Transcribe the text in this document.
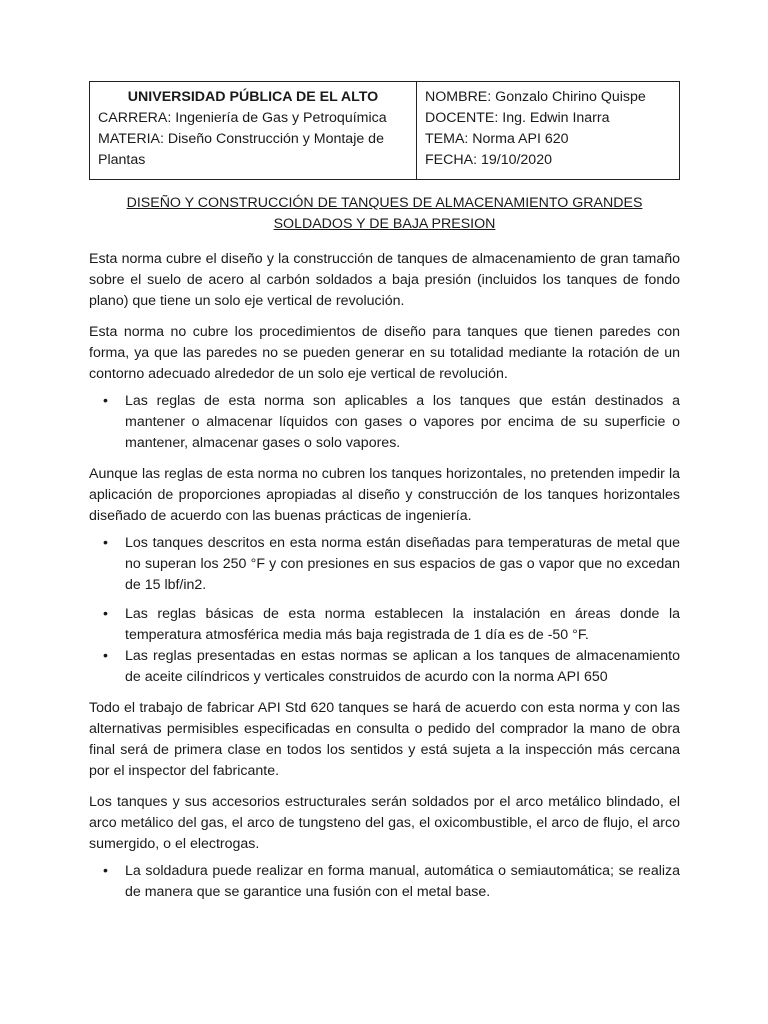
UNIVERSIDAD PÚBLICA DE EL ALTO
CARRERA: Ingeniería de Gas y Petroquímica
MATERIA: Diseño Construcción y Montaje de Plantas

NOMBRE: Gonzalo Chirino Quispe
DOCENTE: Ing. Edwin Inarra
TEMA: Norma API 620
FECHA: 19/10/2020
DISEÑO Y CONSTRUCCIÓN DE TANQUES DE ALMACENAMIENTO GRANDES
SOLDADOS Y DE BAJA PRESION

Esta norma cubre el diseño y la construcción de tanques de almacenamiento de gran tamaño sobre el suelo de acero al carbón soldados a baja presión (incluidos los tanques de fondo plano) que tiene un solo eje vertical de revolución.

Esta norma no cubre los procedimientos de diseño para tanques que tienen paredes con forma, ya que las paredes no se pueden generar en su totalidad mediante la rotación de un contorno adecuado alrededor de un solo eje vertical de revolución.

• Las reglas de esta norma son aplicables a los tanques que están destinados a mantener o almacenar líquidos con gases o vapores por encima de su superficie o mantener, almacenar gases o solo vapores.

Aunque las reglas de esta norma no cubren los tanques horizontales, no pretenden impedir la aplicación de proporciones apropiadas al diseño y construcción de los tanques horizontales diseñado de acuerdo con las buenas prácticas de ingeniería.

• Los tanques descritos en esta norma están diseñadas para temperaturas de metal que no superan los 250 °F y con presiones en sus espacios de gas o vapor que no excedan de 15 lbf/in2.
• Las reglas básicas de esta norma establecen la instalación en áreas donde la temperatura atmosférica media más baja registrada de 1 día es de -50 °F.
• Las reglas presentadas en estas normas se aplican a los tanques de almacenamiento de aceite cilíndricos y verticales construidos de acurdo con la norma API 650

Todo el trabajo de fabricar API Std 620 tanques se hará de acuerdo con esta norma y con las alternativas permisibles especificadas en consulta o pedido del comprador la mano de obra final será de primera clase en todos los sentidos y está sujeta a la inspección más cercana por el inspector del fabricante.

Los tanques y sus accesorios estructurales serán soldados por el arco metálico blindado, el arco metálico del gas, el arco de tungsteno del gas, el oxicombustible, el arco de flujo, el arco sumergido, o el electrogas.

• La soldadura puede realizar en forma manual, automática o semiautomática; se realiza de manera que se garantice una fusión con el metal base.
